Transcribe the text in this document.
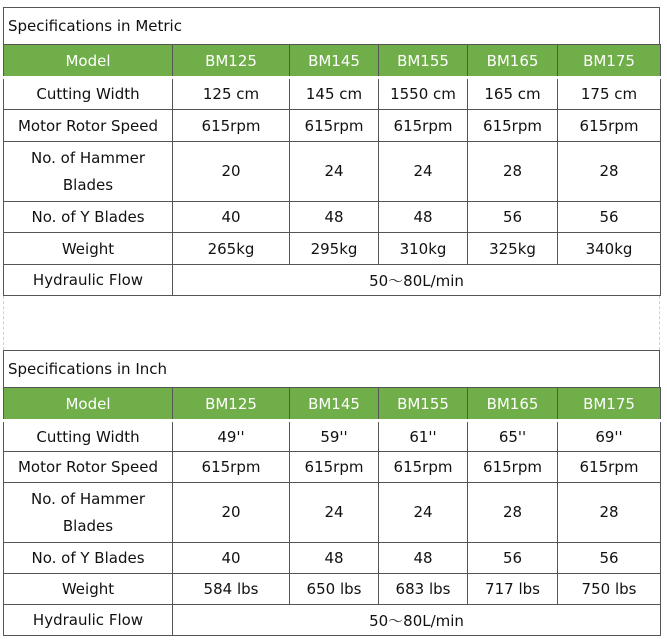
Specifications in Metric
Model	BM125	BM145	BM155	BM165	BM175
Cutting Width	125 cm	145 cm	1550 cm	165 cm	175 cm
Motor Rotor Speed	615rpm	615rpm	615rpm	615rpm	615rpm
No. of Hammer Blades	20	24	24	28	28
No. of Y Blades	40	48	48	56	56
Weight	265kg	295kg	310kg	325kg	340kg
Hydraulic Flow	50～80L/min				
Specifications in Inch
Model	BM125	BM145	BM155	BM165	BM175
Cutting Width	49''	59''	61''	65''	69''
Motor Rotor Speed	615rpm	615rpm	615rpm	615rpm	615rpm
No. of Hammer Blades	20	24	24	28	28
No. of Y Blades	40	48	48	56	56
Weight	584 lbs	650 lbs	683 lbs	717 lbs	750 lbs
Hydraulic Flow	50～80L/min				
